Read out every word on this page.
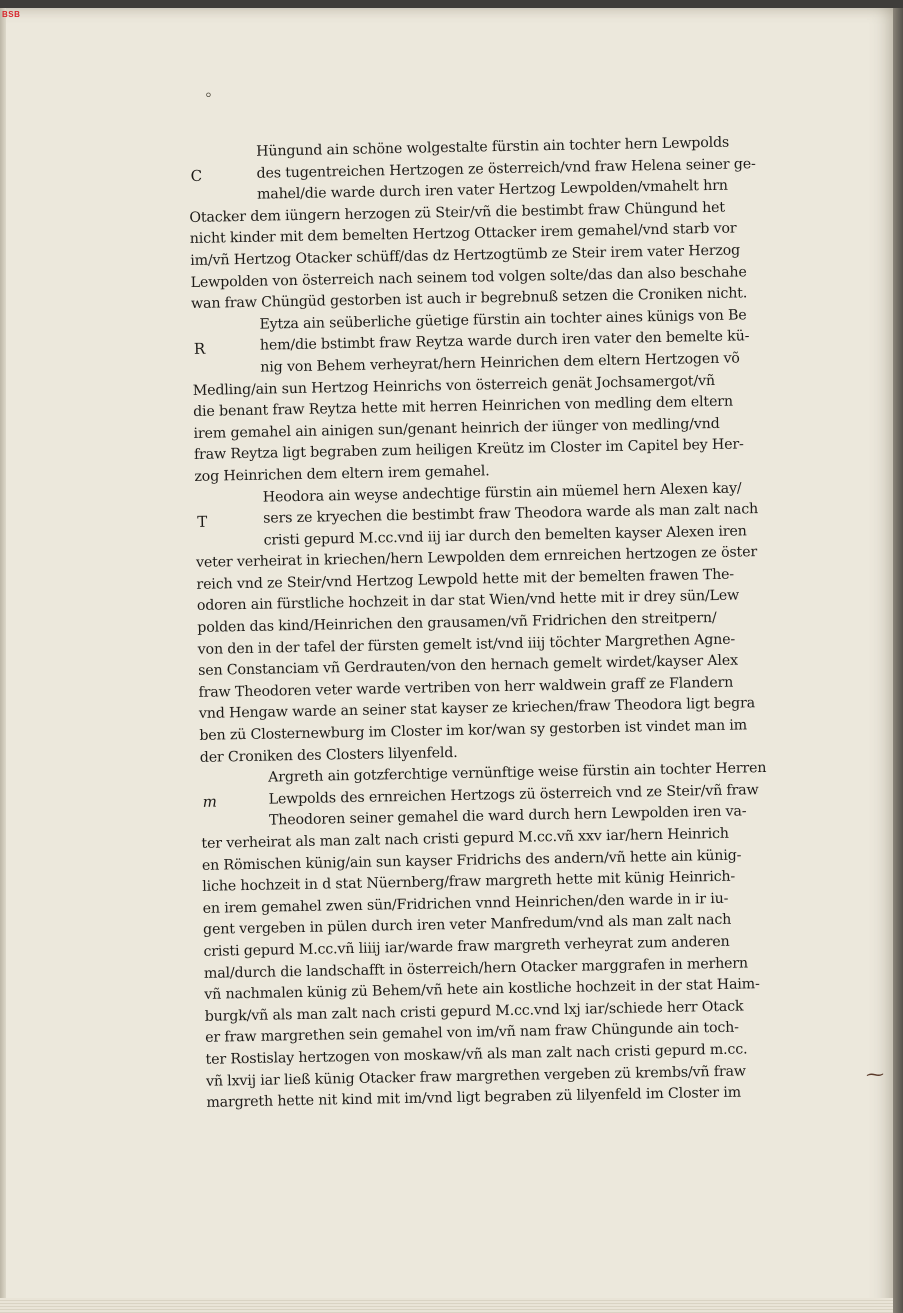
BSB

⸰
⁓

C

Hüngund ain schöne wolgestalte fürstin ain tochter hern Lewpolds
des tugentreichen Hertzogen ze österreich/vnd fraw Helena seiner ge-
mahel/die warde durch iren vater Hertzog Lewpolden/vmahelt hrn
Otacker dem iüngern herzogen zü Steir/vñ die bestimbt fraw Chüngund het
nicht kinder mit dem bemelten Hertzog Ottacker irem gemahel/vnd starb vor
im/vñ Hertzog Otacker schüff/das dz Hertzogtümb ze Steir irem vater Herzog
Lewpolden von österreich nach seinem tod volgen solte/das dan also beschahe
wan fraw Chüngüd gestorben ist auch ir begrebnuß setzen die Croniken nicht.

R

Eytza ain seüberliche güetige fürstin ain tochter aines künigs von Be
hem/die bstimbt fraw Reytza warde durch iren vater den bemelte kü-
nig von Behem verheyrat/hern Heinrichen dem eltern Hertzogen võ
Medling/ain sun Hertzog Heinrichs von österreich genät Jochsamergot/vñ
die benant fraw Reytza hette mit herren Heinrichen von medling dem eltern
irem gemahel ain ainigen sun/genant heinrich der iünger von medling/vnd
fraw Reytza ligt begraben zum heiligen Kreütz im Closter im Capitel bey Her-
zog Heinrichen dem eltern irem gemahel.

T

Heodora ain weyse andechtige fürstin ain müemel hern Alexen kay/
sers ze kryechen die bestimbt fraw Theodora warde als man zalt nach
cristi gepurd M.cc.vnd iij iar durch den bemelten kayser Alexen iren
veter verheirat in kriechen/hern Lewpolden dem ernreichen hertzogen ze öster
reich vnd ze Steir/vnd Hertzog Lewpold hette mit der bemelten frawen The-
odoren ain fürstliche hochzeit in dar stat Wien/vnd hette mit ir drey sün/Lew
polden das kind/Heinrichen den grausamen/vñ Fridrichen den streitpern/
von den in der tafel der fürsten gemelt ist/vnd iiij töchter Margrethen Agne-
sen Constanciam vñ Gerdrauten/von den hernach gemelt wirdet/kayser Alex
fraw Theodoren veter warde vertriben von herr waldwein graff ze Flandern
vnd Hengaw warde an seiner stat kayser ze kriechen/fraw Theodora ligt begra
ben zü Closternewburg im Closter im kor/wan sy gestorben ist vindet man im
der Croniken des Closters lilyenfeld.

m

Argreth ain gotzferchtige vernünftige weise fürstin ain tochter Herren
Lewpolds des ernreichen Hertzogs zü österreich vnd ze Steir/vñ fraw
Theodoren seiner gemahel die ward durch hern Lewpolden iren va-
ter verheirat als man zalt nach cristi gepurd M.cc.vñ xxv iar/hern Heinrich
en Römischen künig/ain sun kayser Fridrichs des andern/vñ hette ain künig-
liche hochzeit in d stat Nüernberg/fraw margreth hette mit künig Heinrich-
en irem gemahel zwen sün/Fridrichen vnnd Heinrichen/den warde in ir iu-
gent vergeben in pülen durch iren veter Manfredum/vnd als man zalt nach
cristi gepurd M.cc.vñ liiij iar/warde fraw margreth verheyrat zum anderen
mal/durch die landschafft in österreich/hern Otacker marggrafen in merhern
vñ nachmalen künig zü Behem/vñ hete ain kostliche hochzeit in der stat Haim-
burgk/vñ als man zalt nach cristi gepurd M.cc.vnd lxj iar/schiede herr Otack
er fraw margrethen sein gemahel von im/vñ nam fraw Chüngunde ain toch-
ter Rostislay hertzogen von moskaw/vñ als man zalt nach cristi gepurd m.cc.
vñ lxvij iar ließ künig Otacker fraw margrethen vergeben zü krembs/vñ fraw
margreth hette nit kind mit im/vnd ligt begraben zü lilyenfeld im Closter im
